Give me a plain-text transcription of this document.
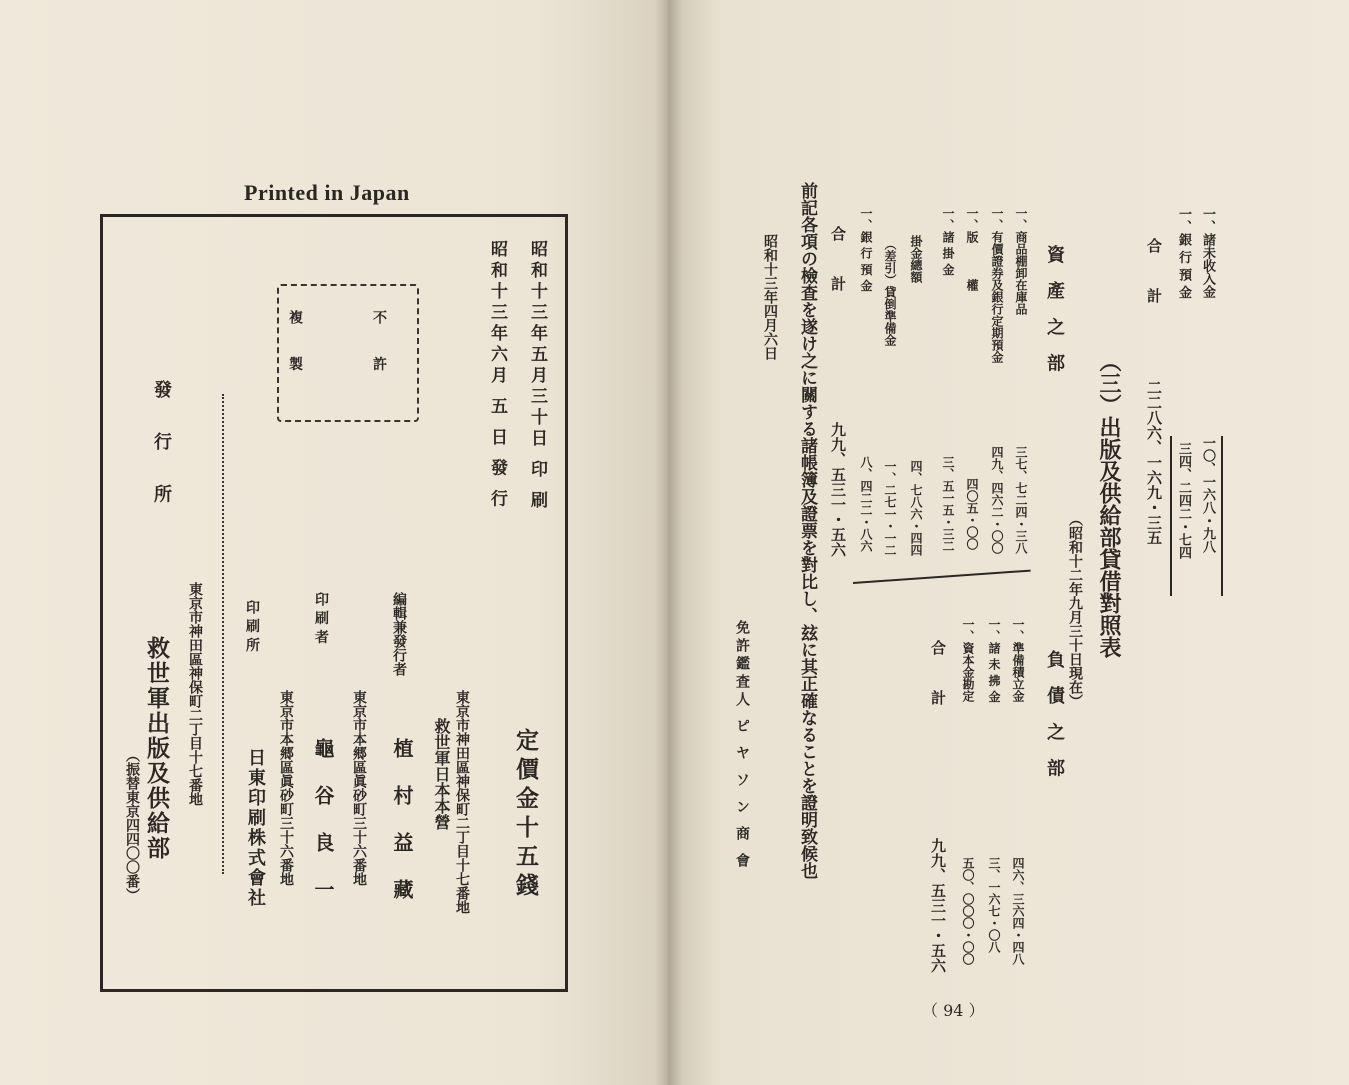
Printed in Japan
昭和十三年五月三十日 印 刷
昭和十三年六月 五 日 發 行
不 許
複 製
定價金十五錢
東京市神田區神保町二丁目十七番地
救世軍日本本營
編輯兼發行者
植 村 益 藏
印 刷 者
東京市本郷區眞砂町三十六番地
龜 谷 良 一
印 刷 所
東京市本郷區眞砂町三十六番地
日東印刷株式會社
發 行 所
東京市神田區神保町二丁目十七番地
救世軍出版及供給部
（振替東京四四〇〇番）
一、諸未收入金
一〇、一六八・九八
一、銀 行 預 金
三四、二四二・七四
合　計
二二八六、一六九・三五
（三）出版及供給部貸借對照表
（昭和十二年九月三十日現在）
資 產 之 部
一、商品棚卸在庫品
三七、七二四・三八
一、有價證券及銀行定期預金
四九、四六二・〇〇
一、版　　　權
四〇五・〇〇
一、諸 掛 金
三、五一五・三二
掛金總額
四、七八六・四四
（差引）貸倒準備金
一、二七一・一二
一、銀 行 預 金
八、四二二・八六
合　計
九九、五三一・五六
負 債 之 部
一、準備積立金
四六、三六四・四八
一、諸 未 拂 金
三、一六七・〇八
一、資本金勘定
五〇、〇〇〇・〇〇
合　計
九九、五三一・五六
前記各項の檢査を遂け之に關する諸帳簿及證票を對比し、玆に其正確なることを證明致候也
昭和十三年四月六日
免許鑑査人 ピ ヤ ソ ン 商 會
（ 94 ）
